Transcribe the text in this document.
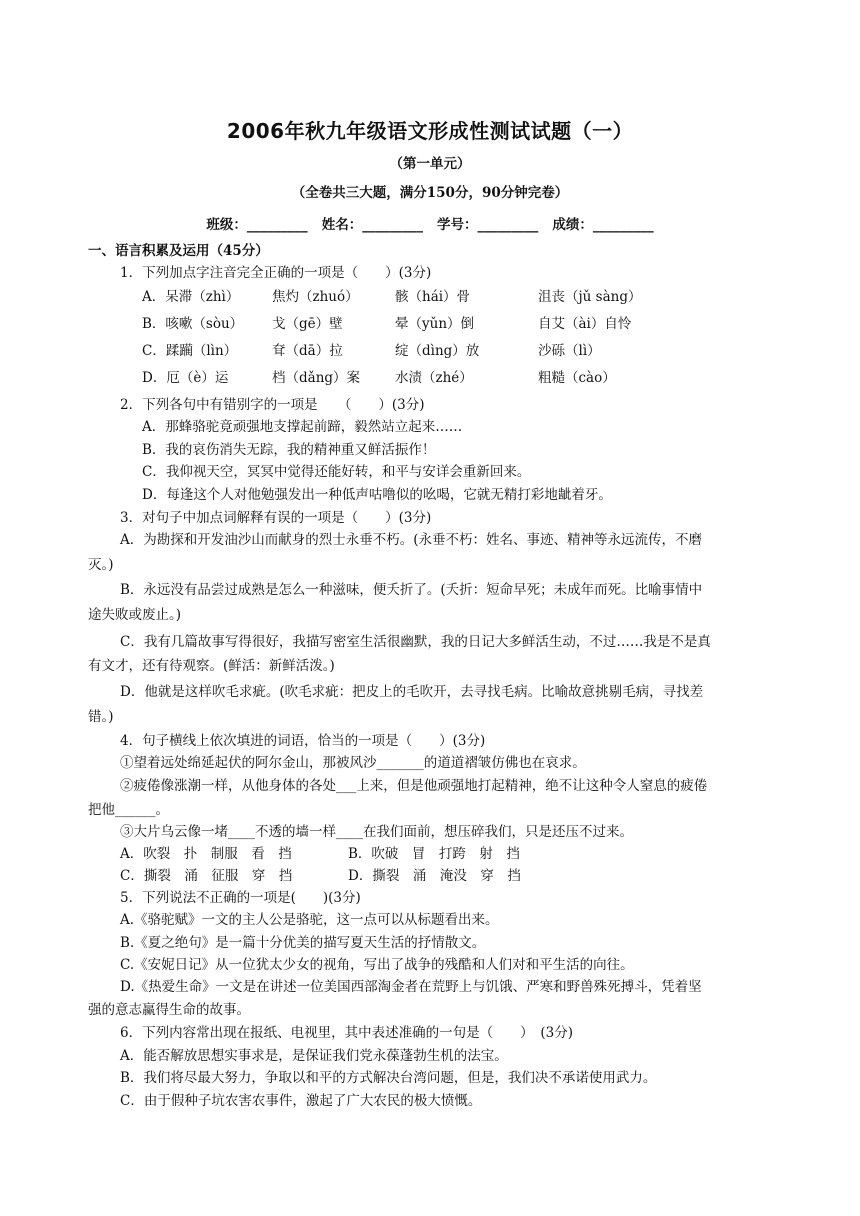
2006年秋九年级语文形成性测试试题（一）
（第一单元）
（全卷共三大题，满分150分，90分钟完卷）
班级：_________   姓名：_________   学号：_________   成绩：_________
一、语言积累及运用（45分）
1．下列加点字注音完全正确的一项是（　　）(3分)
A．呆滞（zhì） 焦灼（zhuó）	骸（hái）骨	沮丧（jǔ sàng）
B．咳嗽（sòu） 戈（gē）壁	晕（yǔn）倒	自艾（ài）自怜
C．蹂躏（lìn）	耷（dā）拉	绽（dìng）放	沙砾（lì）
D．厄（è）运	档（dǎng）案	水渍（zhé）	粗糙（cào）
2．下列各句中有错别字的一项是　　（　　）(3分)
A．那蜂骆驼竟顽强地支撑起前蹄，毅然站立起来……
B．我的哀伤消失无踪，我的精神重又鲜活振作！
C．我仰视天空，冥冥中觉得还能好转，和平与安详会重新回来。
D．每逢这个人对他勉强发出一种低声咕噜似的吆喝，它就无精打彩地龇着牙。
3．对句子中加点词解释有误的一项是（　　）(3分)
A．为勘探和开发油沙山而献身的烈士永垂不朽。(永垂不朽：姓名、事迹、精神等永远流传，不磨
灭。)
B．永远没有品尝过成熟是怎么一种滋味，便夭折了。(夭折：短命早死；未成年而死。比喻事情中
途失败或废止。)
C．我有几篇故事写得很好，我描写密室生活很幽默，我的日记大多鲜活生动，不过……我是不是真
有文才，还有待观察。(鲜活：新鲜活泼。)
D．他就是这样吹毛求疵。(吹毛求疵：把皮上的毛吹开，去寻找毛病。比喻故意挑剔毛病，寻找差
错。)
4．句子横线上依次填进的词语，恰当的一项是（　　）(3分)
①望着远处绵延起伏的阿尔金山，那被风沙_______的道道褶皱仿佛也在哀求。
②疲倦像涨潮一样，从他身体的各处___上来，但是他顽强地打起精神，绝不让这种令人窒息的疲倦
把他______。
③大片乌云像一堵____不透的墙一样____在我们面前，想压碎我们，只是还压不过来。
A．吹裂　扑　制服　看　挡	B．吹破　冒　打跨　射　挡
C．撕裂　涌　征服　穿　挡	D．撕裂　涌　淹没　穿　挡
5．下列说法不正确的一项是(　　)(3分)
A.《骆驼赋》一文的主人公是骆驼，这一点可以从标题看出来。
B.《夏之绝句》是一篇十分优美的描写夏天生活的抒情散文。
C.《安妮日记》从一位犹太少女的视角，写出了战争的残酷和人们对和平生活的向往。
D.《热爱生命》一文是在讲述一位美国西部淘金者在荒野上与饥饿、严寒和野兽殊死搏斗，凭着坚
强的意志赢得生命的故事。
6．下列内容常出现在报纸、电视里，其中表述准确的一句是（　　）　(3分)
A．能否解放思想实事求是，是保证我们党永葆蓬勃生机的法宝。
B．我们将尽最大努力，争取以和平的方式解决台湾问题，但是，我们决不承诺使用武力。
C．由于假种子坑农害农事件，激起了广大农民的极大愤慨。
